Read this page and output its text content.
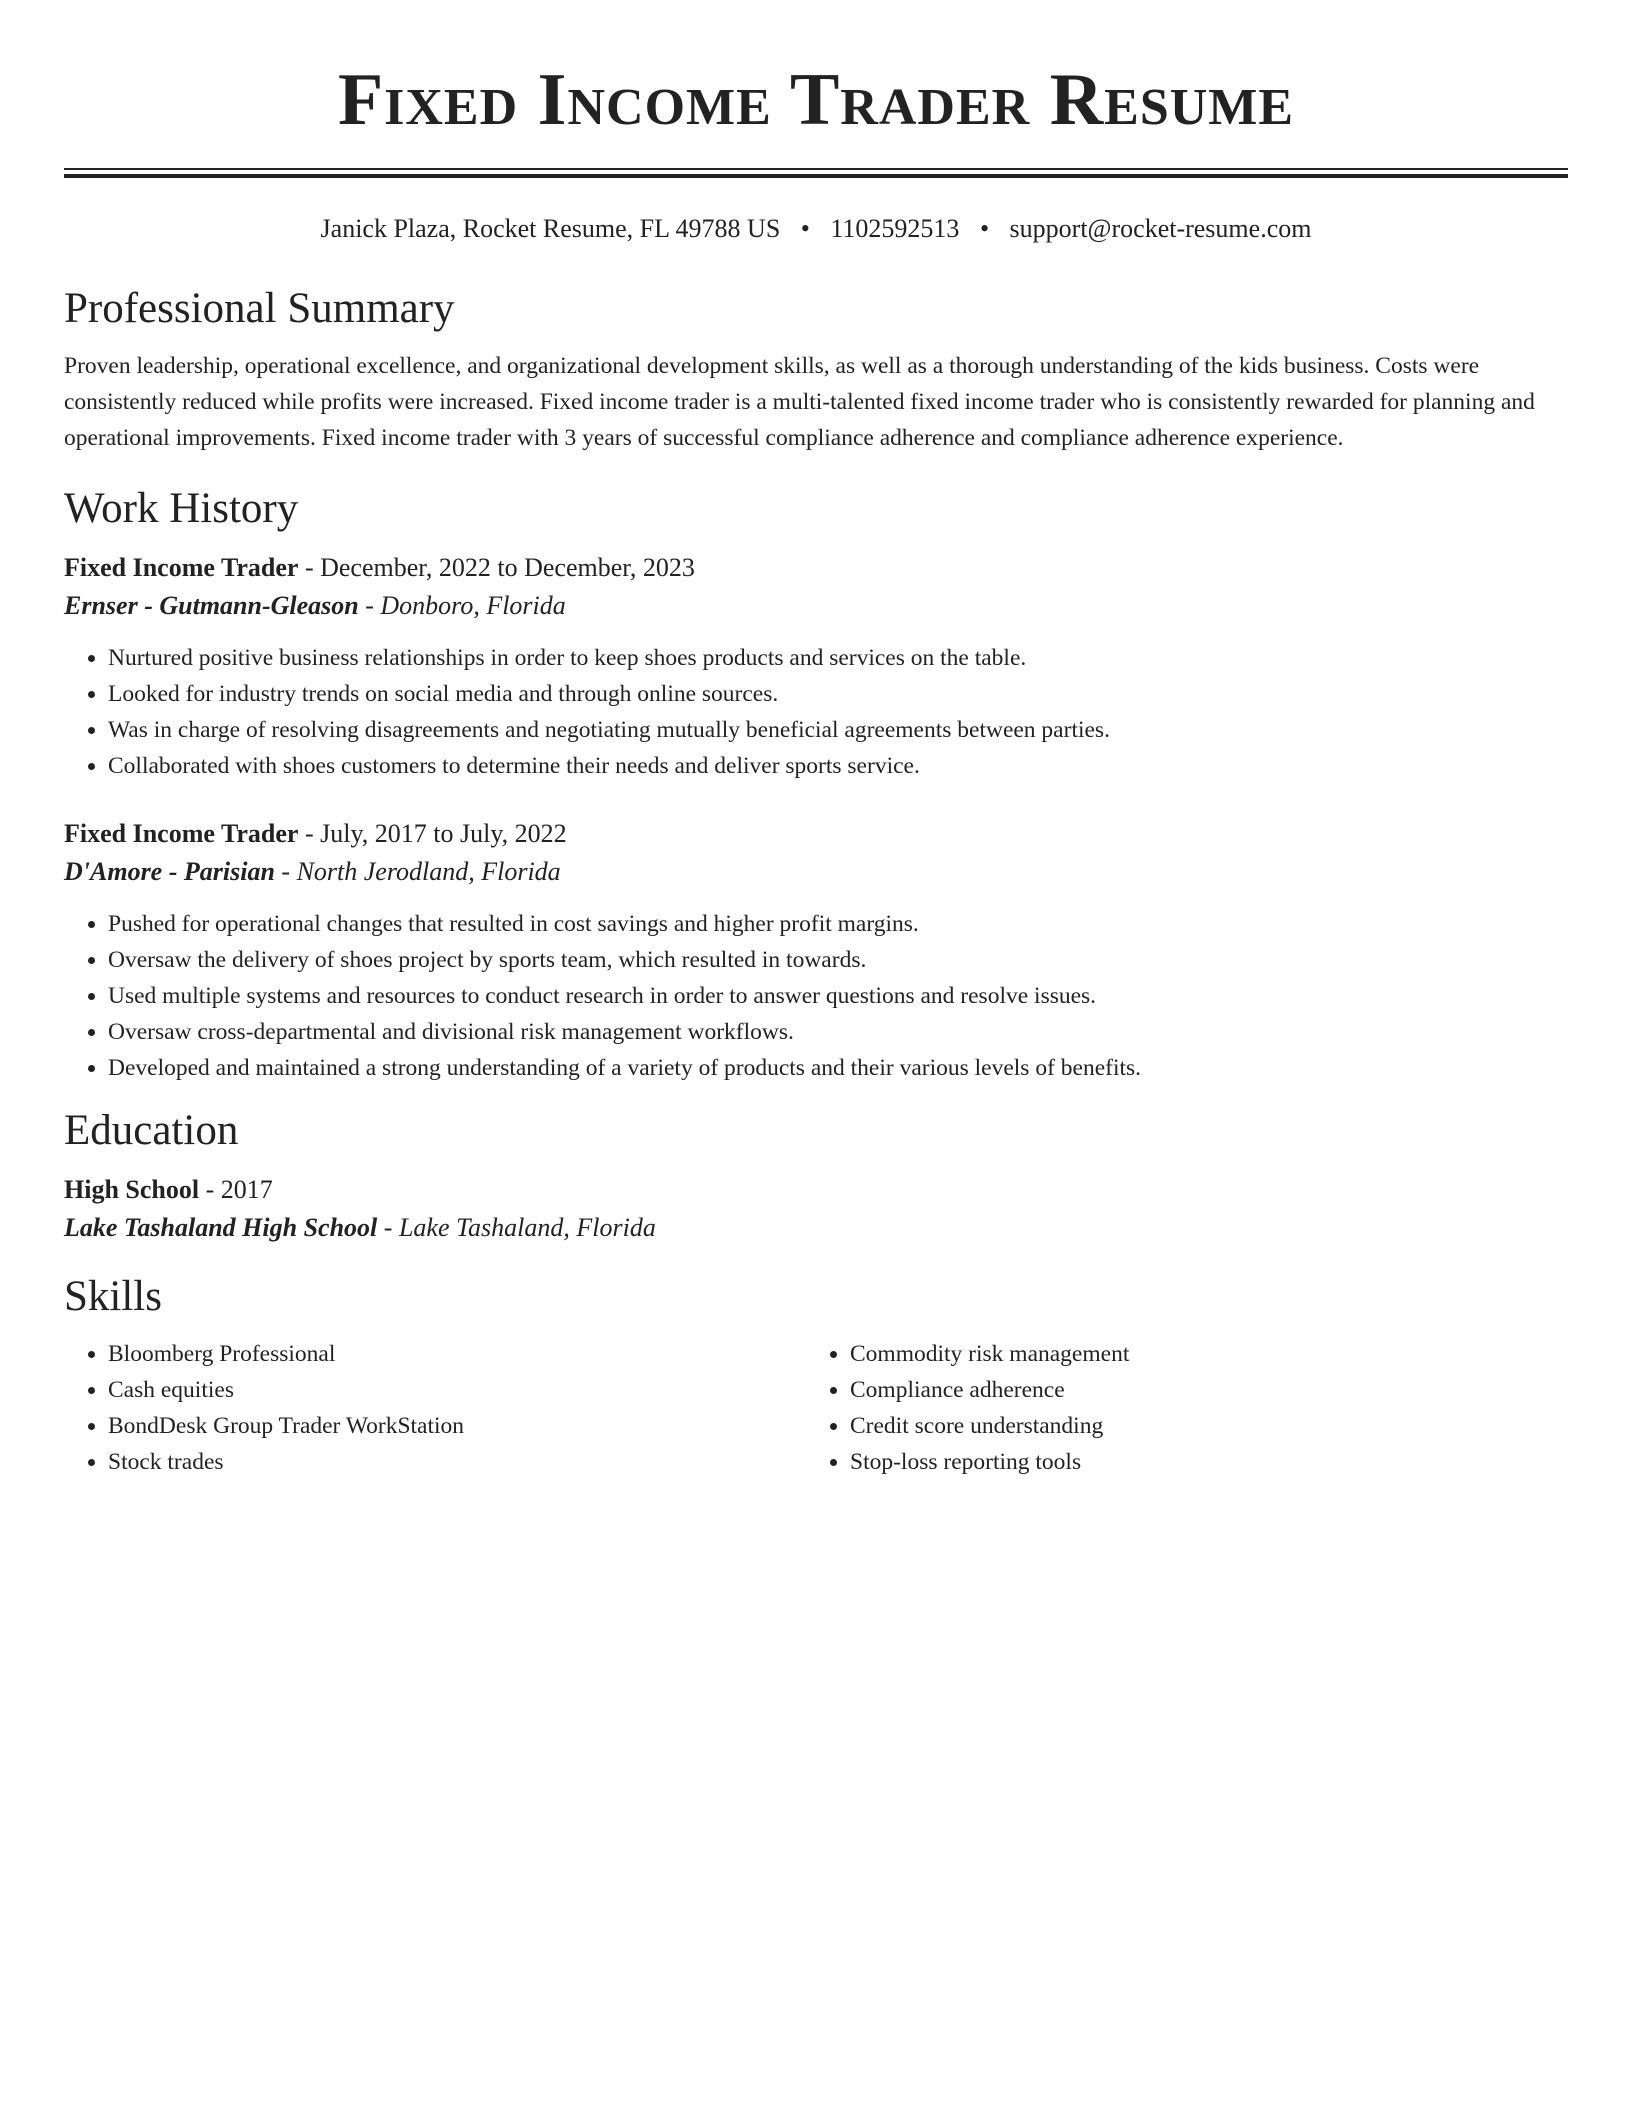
Fixed Income Trader Resume
Janick Plaza, Rocket Resume, FL 49788 US • 1102592513 • support@rocket-resume.com
Professional Summary
Proven leadership, operational excellence, and organizational development skills, as well as a thorough understanding of the kids business. Costs were consistently reduced while profits were increased. Fixed income trader is a multi-talented fixed income trader who is consistently rewarded for planning and operational improvements. Fixed income trader with 3 years of successful compliance adherence and compliance adherence experience.
Work History
Fixed Income Trader - December, 2022 to December, 2023
Ernser - Gutmann-Gleason - Donboro, Florida
• Nurtured positive business relationships in order to keep shoes products and services on the table.
• Looked for industry trends on social media and through online sources.
• Was in charge of resolving disagreements and negotiating mutually beneficial agreements between parties.
• Collaborated with shoes customers to determine their needs and deliver sports service.
Fixed Income Trader - July, 2017 to July, 2022
D'Amore - Parisian - North Jerodland, Florida
• Pushed for operational changes that resulted in cost savings and higher profit margins.
• Oversaw the delivery of shoes project by sports team, which resulted in towards.
• Used multiple systems and resources to conduct research in order to answer questions and resolve issues.
• Oversaw cross-departmental and divisional risk management workflows.
• Developed and maintained a strong understanding of a variety of products and their various levels of benefits.
Education
High School - 2017
Lake Tashaland High School - Lake Tashaland, Florida
Skills
• Bloomberg Professional
• Cash equities
• BondDesk Group Trader WorkStation
• Stock trades
• Commodity risk management
• Compliance adherence
• Credit score understanding
• Stop-loss reporting tools
